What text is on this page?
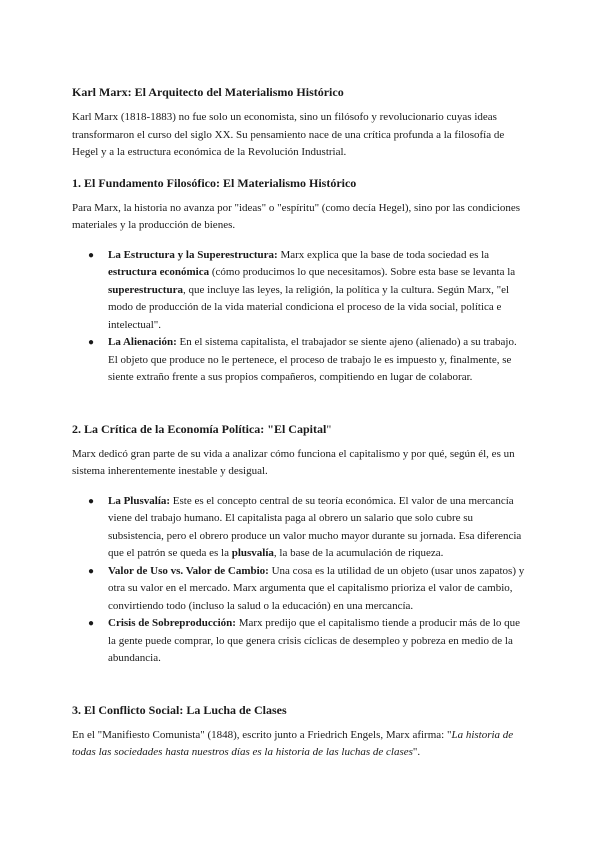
Karl Marx: El Arquitecto del Materialismo Histórico

Karl Marx (1818-1883) no fue solo un economista, sino un filósofo y revolucionario cuyas ideas transformaron el curso del siglo XX. Su pensamiento nace de una crítica profunda a la filosofía de Hegel y a la estructura económica de la Revolución Industrial.

1. El Fundamento Filosófico: El Materialismo Histórico

Para Marx, la historia no avanza por "ideas" o "espíritu" (como decía Hegel), sino por las condiciones materiales y la producción de bienes.

● La Estructura y la Superestructura: Marx explica que la base de toda sociedad es la estructura económica (cómo producimos lo que necesitamos). Sobre esta base se levanta la superestructura, que incluye las leyes, la religión, la política y la cultura. Según Marx, "el modo de producción de la vida material condiciona el proceso de la vida social, política e intelectual".
● La Alienación: En el sistema capitalista, el trabajador se siente ajeno (alienado) a su trabajo. El objeto que produce no le pertenece, el proceso de trabajo le es impuesto y, finalmente, se siente extraño frente a sus propios compañeros, compitiendo en lugar de colaborar.
2. La Crítica de la Economía Política: "El Capital"

Marx dedicó gran parte de su vida a analizar cómo funciona el capitalismo y por qué, según él, es un sistema inherentemente inestable y desigual.

● La Plusvalía: Este es el concepto central de su teoría económica. El valor de una mercancía viene del trabajo humano. El capitalista paga al obrero un salario que solo cubre su subsistencia, pero el obrero produce un valor mucho mayor durante su jornada. Esa diferencia que el patrón se queda es la plusvalía, la base de la acumulación de riqueza.
● Valor de Uso vs. Valor de Cambio: Una cosa es la utilidad de un objeto (usar unos zapatos) y otra su valor en el mercado. Marx argumenta que el capitalismo prioriza el valor de cambio, convirtiendo todo (incluso la salud o la educación) en una mercancía.
● Crisis de Sobreproducción: Marx predijo que el capitalismo tiende a producir más de lo que la gente puede comprar, lo que genera crisis cíclicas de desempleo y pobreza en medio de la abundancia.
3. El Conflicto Social: La Lucha de Clases

En el "Manifiesto Comunista" (1848), escrito junto a Friedrich Engels, Marx afirma: "La historia de todas las sociedades hasta nuestros días es la historia de las luchas de clases".
